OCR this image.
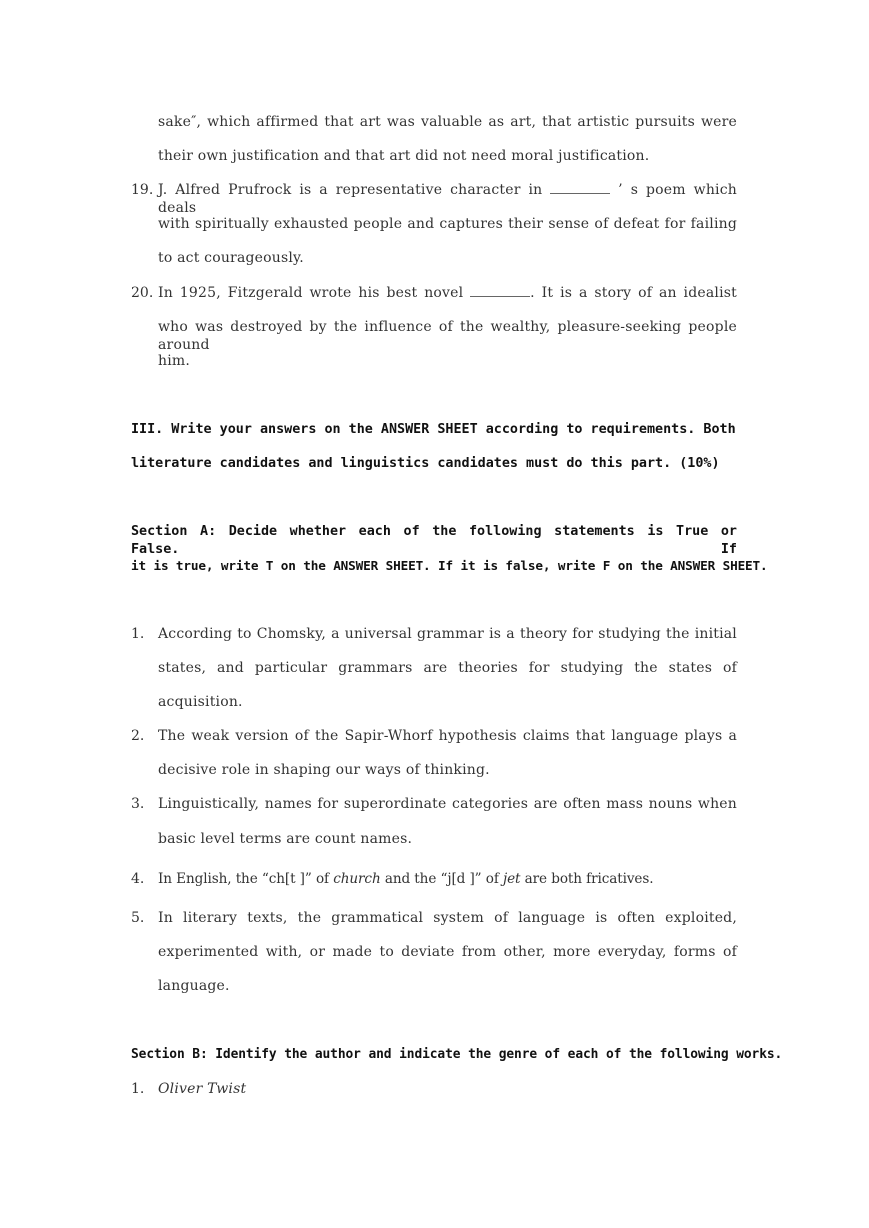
sake″, which affirmed that art was valuable as art, that artistic pursuits were
their own justification and that art did not need moral justification.
19. J. Alfred Prufrock is a representative character in	’ s poem which deals
with spiritually exhausted people and captures their sense of defeat for failing
to act courageously.
20. In 1925, Fitzgerald wrote his best novel	. It is a story of an idealist
who was destroyed by the influence of the wealthy, pleasure-seeking people around
him.
III. Write your answers on the ANSWER SHEET according to requirements. Both
literature candidates and linguistics candidates must do this part. (10%)
Section A: Decide whether each of the following statements is True or False. If
it is true, write T on the ANSWER SHEET. If it is false, write F on the ANSWER SHEET.
1. According to Chomsky, a universal grammar is a theory for studying the initial
states, and particular grammars are theories for studying the states of
acquisition.
2. The weak version of the Sapir-Whorf hypothesis claims that language plays a
decisive role in shaping our ways of thinking.
3. Linguistically, names for superordinate categories are often mass nouns when
basic level terms are count names.
4. In English, the “ch[t ]” of church and the “j[d ]” of jet are both fricatives.
5. In literary texts, the grammatical system of language is often exploited,
experimented with, or made to deviate from other, more everyday, forms of
language.
Section B: Identify the author and indicate the genre of each of the following works.
1. Oliver Twist
